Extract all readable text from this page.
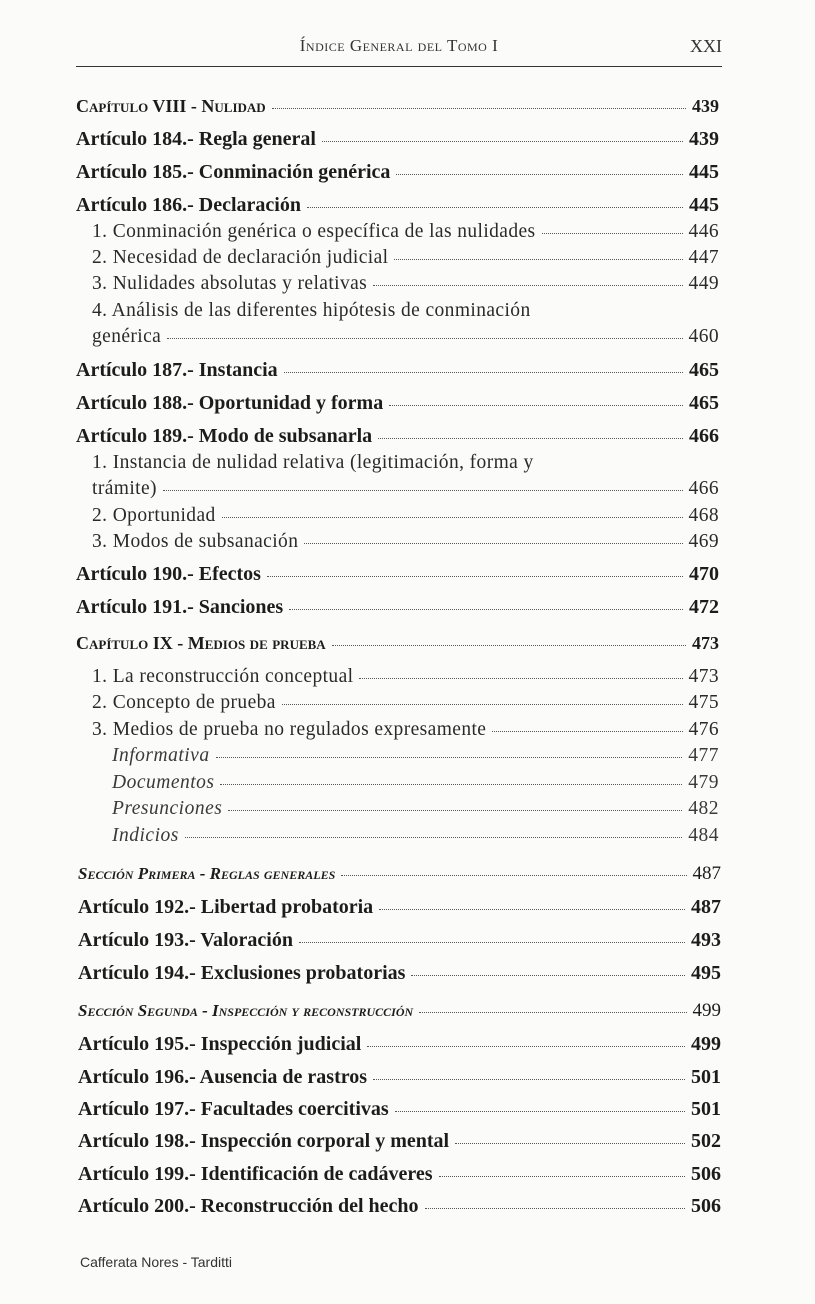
Índice General del Tomo I	XXI
Capítulo VIII - Nulidad	439
Artículo 184.- Regla general	439
Artículo 185.- Conminación genérica	445
Artículo 186.- Declaración	445
1. Conminación genérica o específica de las nulidades	446
2. Necesidad de declaración judicial	447
3. Nulidades absolutas y relativas	449
4. Análisis de las diferentes hipótesis de conminación
genérica	460
Artículo 187.- Instancia	465
Artículo 188.- Oportunidad y forma	465
Artículo 189.- Modo de subsanarla	466
1. Instancia de nulidad relativa (legitimación, forma y
trámite)	466
2. Oportunidad	468
3. Modos de subsanación	469
Artículo 190.- Efectos	470
Artículo 191.- Sanciones	472
Capítulo IX - Medios de prueba	473
1. La reconstrucción conceptual	473
2. Concepto de prueba	475
3. Medios de prueba no regulados expresamente	476
Informativa	477
Documentos	479
Presunciones	482
Indicios	484
Sección Primera - Reglas generales	487
Artículo 192.- Libertad probatoria	487
Artículo 193.- Valoración	493
Artículo 194.- Exclusiones probatorias	495
Sección Segunda - Inspección y reconstrucción	499
Artículo 195.- Inspección judicial	499
Artículo 196.- Ausencia de rastros	501
Artículo 197.- Facultades coercitivas	501
Artículo 198.- Inspección corporal y mental	502
Artículo 199.- Identificación de cadáveres	506
Artículo 200.- Reconstrucción del hecho	506
Cafferata Nores - Tarditti
